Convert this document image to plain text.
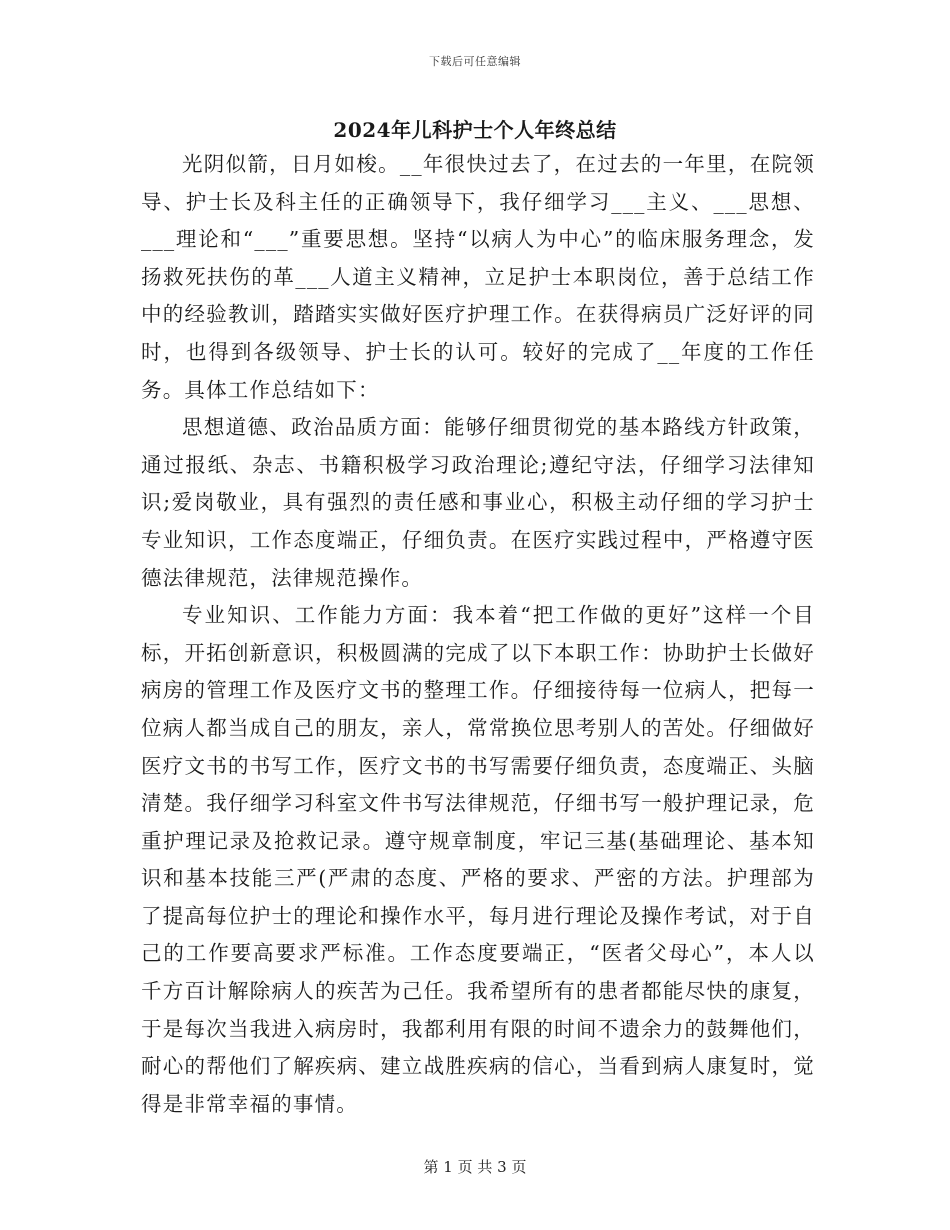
下载后可任意编辑
2024年儿科护士个人年终总结

光阴似箭，日月如梭。__年很快过去了，在过去的一年里，在院领导、护士长及科主任的正确领导下，我仔细学习___主义、___思想、___理论和“___”重要思想。坚持“以病人为中心”的临床服务理念，发扬救死扶伤的革___人道主义精神，立足护士本职岗位，善于总结工作中的经验教训，踏踏实实做好医疗护理工作。在获得病员广泛好评的同时，也得到各级领导、护士长的认可。较好的完成了__年度的工作任务。具体工作总结如下：

思想道德、政治品质方面：能够仔细贯彻党的基本路线方针政策，通过报纸、杂志、书籍积极学习政治理论;遵纪守法，仔细学习法律知识;爱岗敬业，具有强烈的责任感和事业心，积极主动仔细的学习护士专业知识，工作态度端正，仔细负责。在医疗实践过程中，严格遵守医德法律规范，法律规范操作。

专业知识、工作能力方面：我本着“把工作做的更好”这样一个目标，开拓创新意识，积极圆满的完成了以下本职工作：协助护士长做好病房的管理工作及医疗文书的整理工作。仔细接待每一位病人，把每一位病人都当成自己的朋友，亲人，常常换位思考别人的苦处。仔细做好医疗文书的书写工作，医疗文书的书写需要仔细负责，态度端正、头脑清楚。我仔细学习科室文件书写法律规范，仔细书写一般护理记录，危重护理记录及抢救记录。遵守规章制度，牢记三基(基础理论、基本知识和基本技能三严(严肃的态度、严格的要求、严密的方法。护理部为了提高每位护士的理论和操作水平，每月进行理论及操作考试，对于自己的工作要高要求严标准。工作态度要端正，“医者父母心”，本人以千方百计解除病人的疾苦为己任。我希望所有的患者都能尽快的康复，于是每次当我进入病房时，我都利用有限的时间不遗余力的鼓舞他们，耐心的帮他们了解疾病、建立战胜疾病的信心，当看到病人康复时，觉得是非常幸福的事情。

第 1 页 共 3 页
